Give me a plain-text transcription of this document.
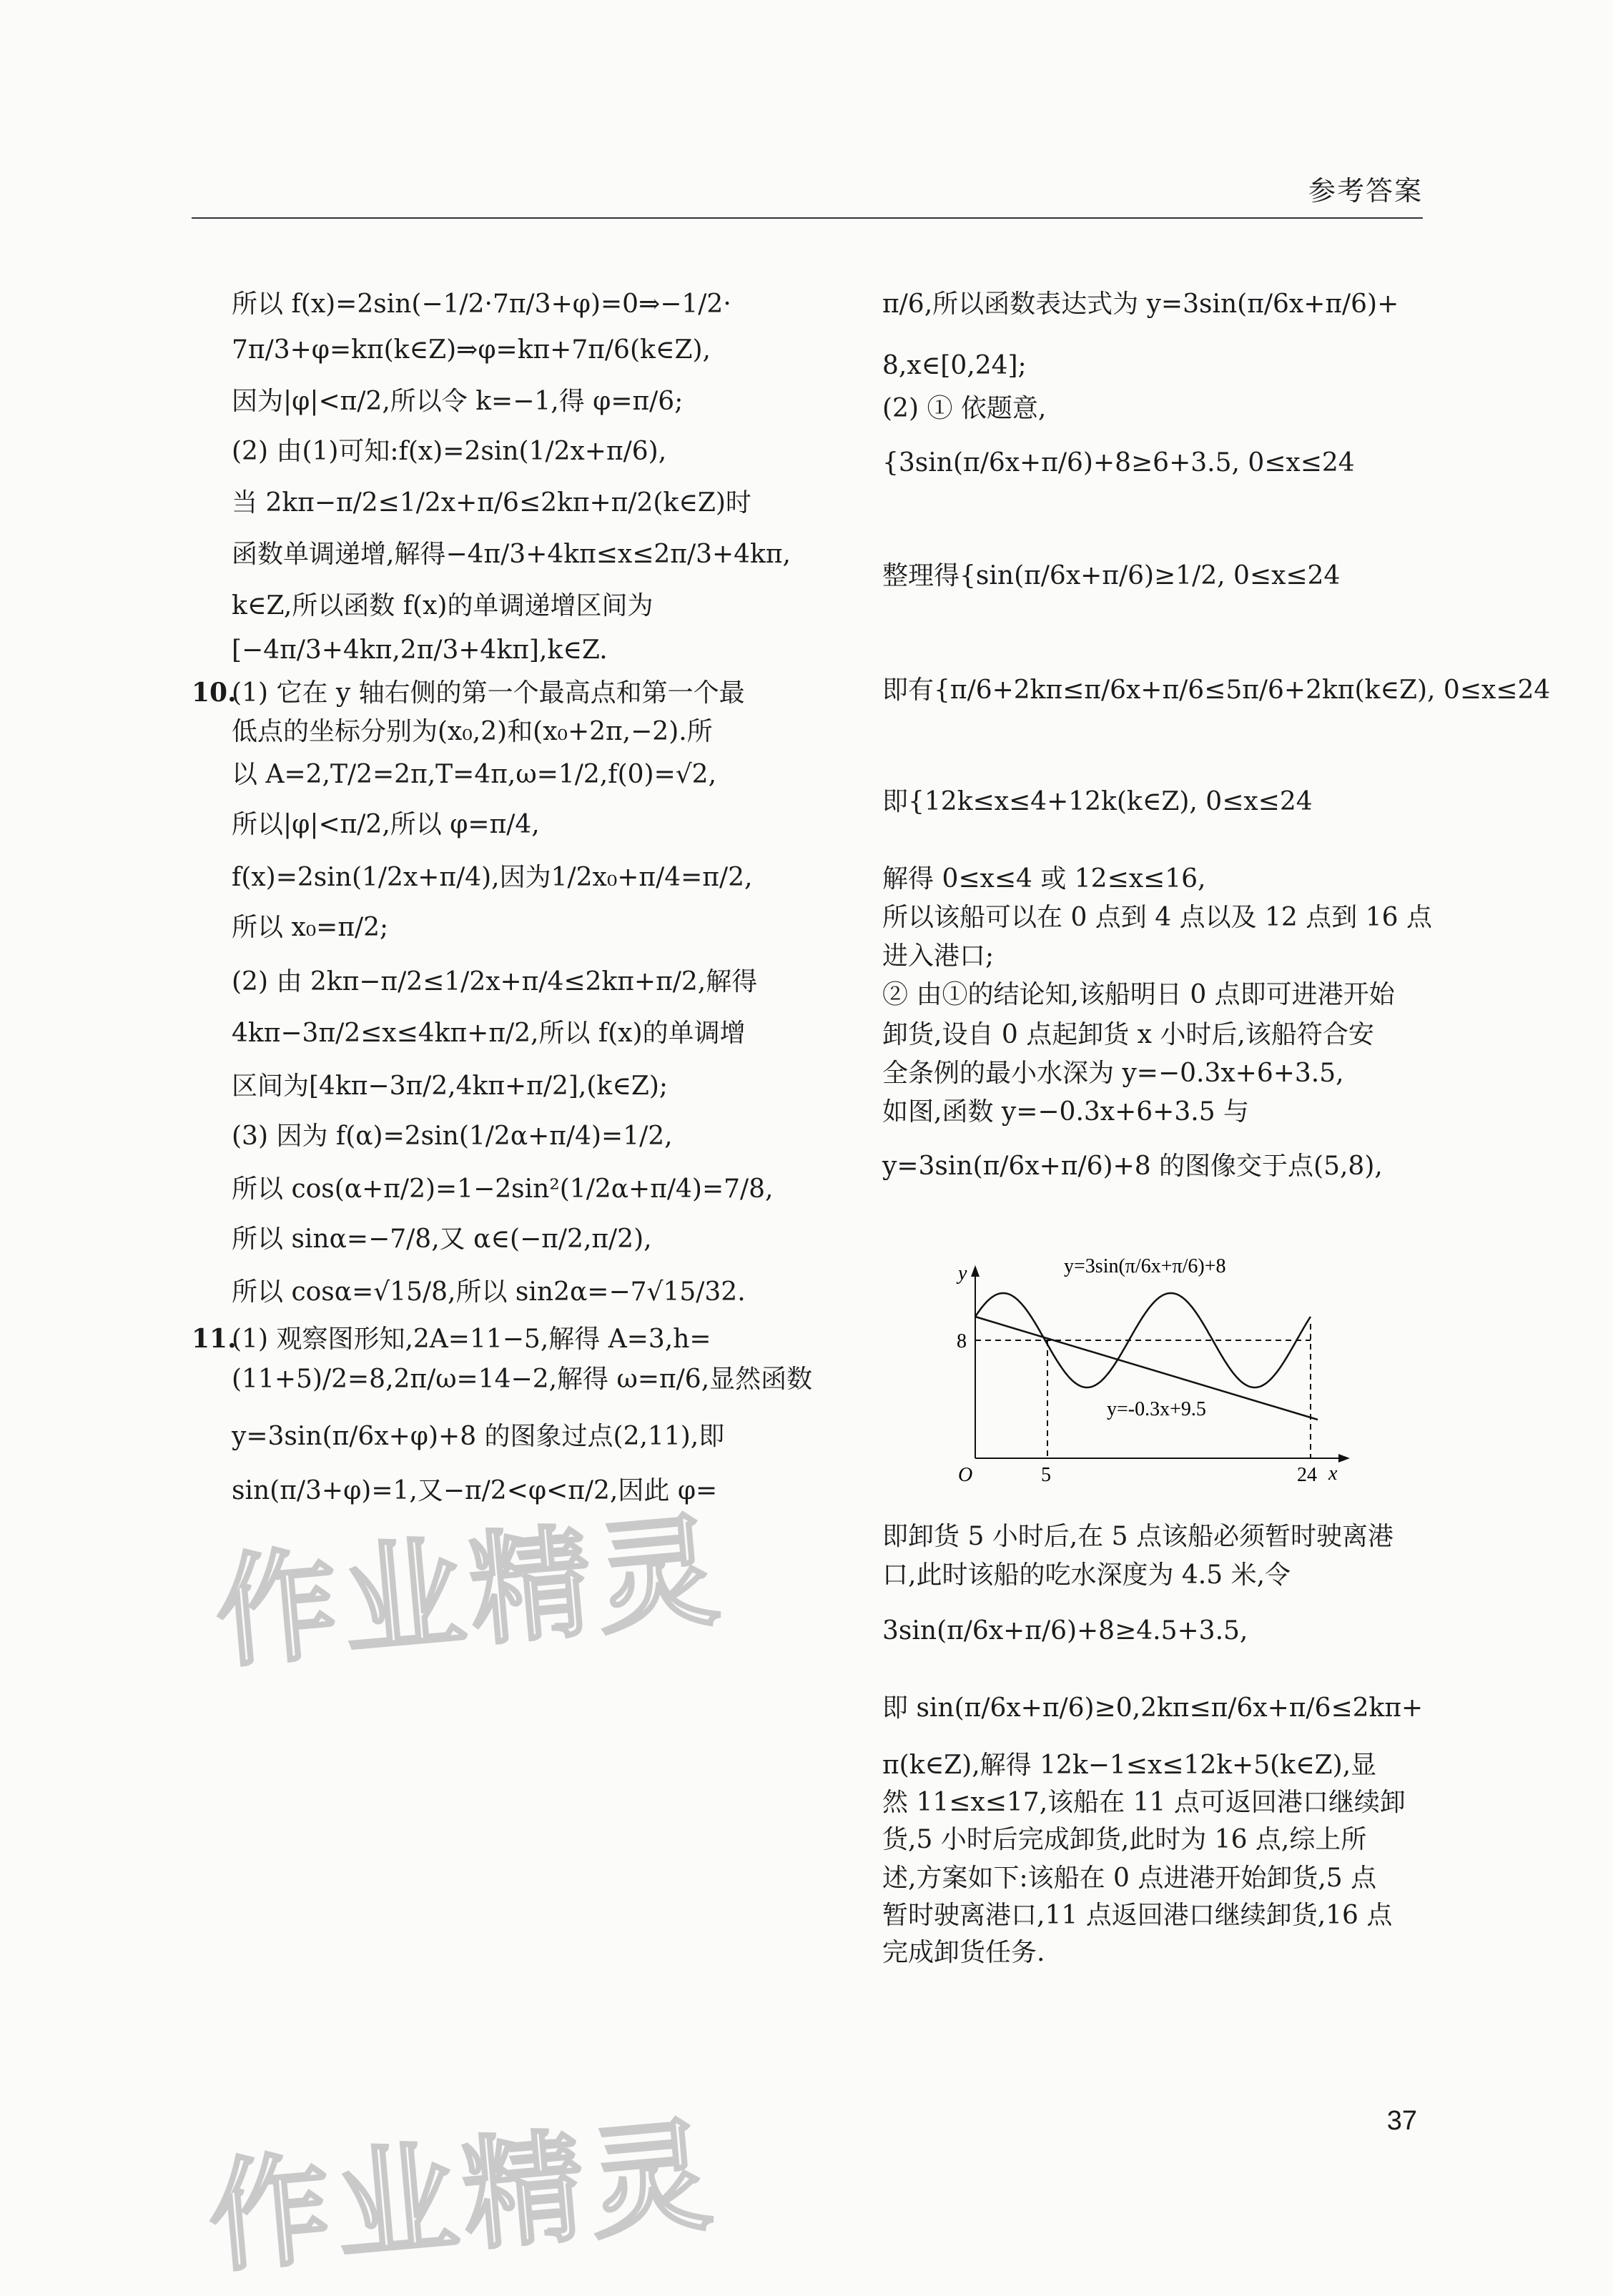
参考答案
所以 f(x)=2sin(−1/2·7π/3+φ)=0⇒−1/2·
7π/3+φ=kπ(k∈Z)⇒φ=kπ+7π/6(k∈Z),
因为|φ|<π/2,所以令 k=−1,得 φ=π/6;
(2) 由(1)可知:f(x)=2sin(1/2x+π/6),
当 2kπ−π/2≤1/2x+π/6≤2kπ+π/2(k∈Z)时
函数单调递增,解得−4π/3+4kπ≤x≤2π/3+4kπ,
k∈Z,所以函数 f(x)的单调递增区间为
[−4π/3+4kπ,2π/3+4kπ],k∈Z.
10.
(1) 它在 y 轴右侧的第一个最高点和第一个最
低点的坐标分别为(x₀,2)和(x₀+2π,−2).所
以 A=2,T/2=2π,T=4π,ω=1/2,f(0)=√2,
所以|φ|<π/2,所以 φ=π/4,
f(x)=2sin(1/2x+π/4),因为1/2x₀+π/4=π/2,
所以 x₀=π/2;
(2) 由 2kπ−π/2≤1/2x+π/4≤2kπ+π/2,解得
4kπ−3π/2≤x≤4kπ+π/2,所以 f(x)的单调增
区间为[4kπ−3π/2,4kπ+π/2],(k∈Z);
(3) 因为 f(α)=2sin(1/2α+π/4)=1/2,
所以 cos(α+π/2)=1−2sin²(1/2α+π/4)=7/8,
所以 sinα=−7/8,又 α∈(−π/2,π/2),
所以 cosα=√15/8,所以 sin2α=−7√15/32.
11.
(1) 观察图形知,2A=11−5,解得 A=3,h=
(11+5)/2=8,2π/ω=14−2,解得 ω=π/6,显然函数
y=3sin(π/6x+φ)+8 的图象过点(2,11),即
sin(π/3+φ)=1,又−π/2<φ<π/2,因此 φ=
π/6,所以函数表达式为 y=3sin(π/6x+π/6)+
8,x∈[0,24];
(2) ① 依题意,
{3sin(π/6x+π/6)+8≥6+3.5, 0≤x≤24
整理得{sin(π/6x+π/6)≥1/2, 0≤x≤24
即有{π/6+2kπ≤π/6x+π/6≤5π/6+2kπ(k∈Z), 0≤x≤24
即{12k≤x≤4+12k(k∈Z), 0≤x≤24
解得 0≤x≤4 或 12≤x≤16,
所以该船可以在 0 点到 4 点以及 12 点到 16 点
进入港口;
② 由①的结论知,该船明日 0 点即可进港开始
卸货,设自 0 点起卸货 x 小时后,该船符合安
全条例的最小水深为 y=−0.3x+6+3.5,
如图,函数 y=−0.3x+6+3.5 与
y=3sin(π/6x+π/6)+8 的图像交于点(5,8),
即卸货 5 小时后,在 5 点该船必须暂时驶离港
口,此时该船的吃水深度为 4.5 米,令
3sin(π/6x+π/6)+8≥4.5+3.5,
即 sin(π/6x+π/6)≥0,2kπ≤π/6x+π/6≤2kπ+
π(k∈Z),解得 12k−1≤x≤12k+5(k∈Z),显
然 11≤x≤17,该船在 11 点可返回港口继续卸
货,5 小时后完成卸货,此时为 16 点,综上所
述,方案如下:该船在 0 点进港开始卸货,5 点
暂时驶离港口,11 点返回港口继续卸货,16 点
完成卸货任务.
y=3sin(π/6x+π/6)+8
y=-0.3x+9.5
y
x
O
8
5	24
作业精灵
作业精灵	37
